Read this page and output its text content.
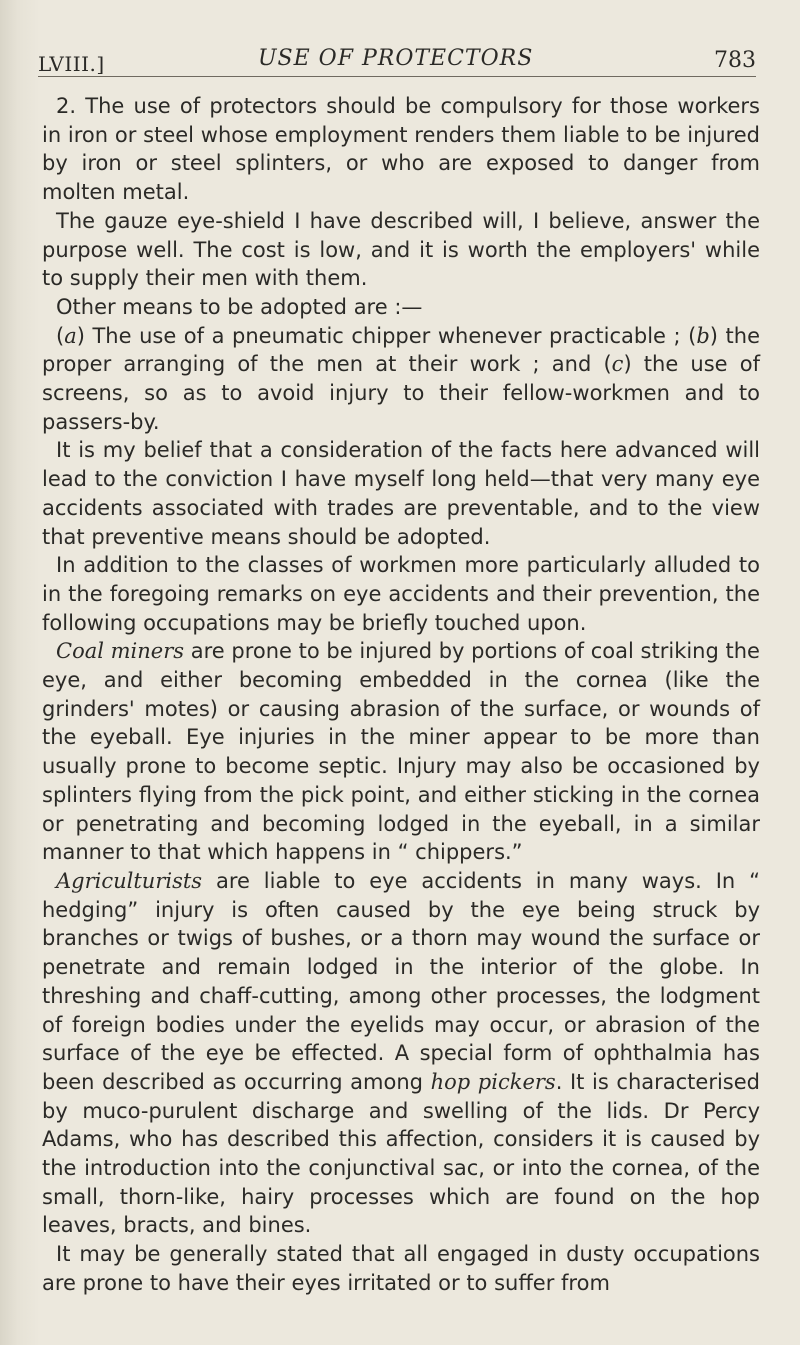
LVIII.]	USE OF PROTECTORS	783

2. The use of protectors should be compulsory for those workers in iron or steel whose employment renders them liable to be injured by iron or steel splinters, or who are exposed to danger from molten metal.

The gauze eye-shield I have described will, I believe, answer the purpose well. The cost is low, and it is worth the employers' while to supply their men with them.

Other means to be adopted are :—

(a) The use of a pneumatic chipper whenever practicable ; (b) the proper arranging of the men at their work ; and (c) the use of screens, so as to avoid injury to their fellow-workmen and to passers-by.

It is my belief that a consideration of the facts here advanced will lead to the conviction I have myself long held—that very many eye accidents associated with trades are preventable, and to the view that preventive means should be adopted.

In addition to the classes of workmen more particularly alluded to in the foregoing remarks on eye accidents and their prevention, the following occupations may be briefly touched upon.

Coal miners are prone to be injured by portions of coal striking the eye, and either becoming embedded in the cornea (like the grinders' motes) or causing abrasion of the surface, or wounds of the eyeball. Eye injuries in the miner appear to be more than usually prone to become septic. Injury may also be occasioned by splinters flying from the pick point, and either sticking in the cornea or penetrating and becoming lodged in the eyeball, in a similar manner to that which happens in “ chippers.”

Agriculturists are liable to eye accidents in many ways. In “ hedging” injury is often caused by the eye being struck by branches or twigs of bushes, or a thorn may wound the surface or penetrate and remain lodged in the interior of the globe. In threshing and chaff-cutting, among other processes, the lodgment of foreign bodies under the eyelids may occur, or abrasion of the surface of the eye be effected. A special form of ophthalmia has been described as occurring among hop pickers. It is characterised by muco-purulent discharge and swelling of the lids. Dr Percy Adams, who has described this affection, considers it is caused by the introduction into the conjunctival sac, or into the cornea, of the small, thorn-like, hairy processes which are found on the hop leaves, bracts, and bines.

It may be generally stated that all engaged in dusty occupations are prone to have their eyes irritated or to suffer from
